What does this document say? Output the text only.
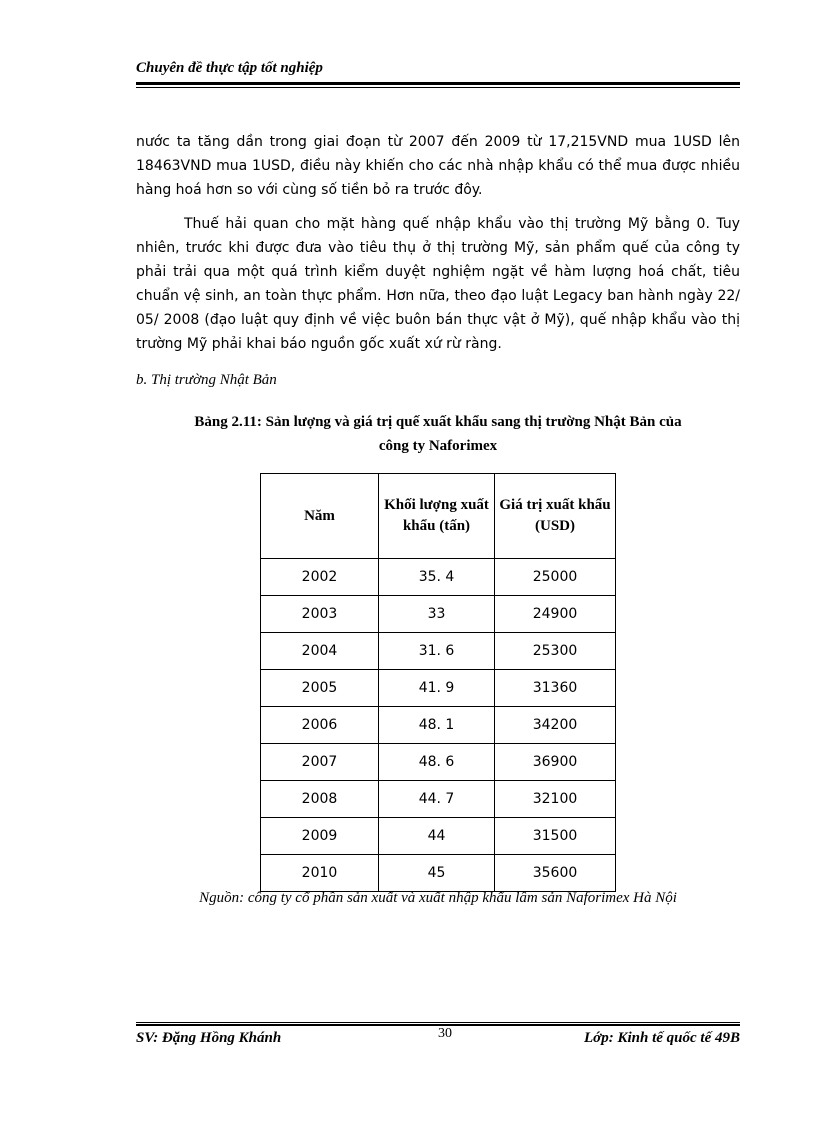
Chuyên đề thực tập tốt nghiệp

nước ta tăng dần trong giai đoạn từ 2007 đến 2009 từ 17,215VND mua 1USD lên 18463VND mua 1USD, điều này khiến cho các nhà nhập khẩu có thể mua được nhiều hàng hoá hơn so với cùng số tiền bỏ ra trước đôy.

Thuế hải quan cho mặt hàng quế nhập khẩu vào thị trường Mỹ bằng 0. Tuy nhiên, trước khi được đưa vào tiêu thụ ở thị trường Mỹ, sản phẩm quế của công ty phải trải qua một quá trình kiểm duyệt nghiệm ngặt về hàm lượng hoá chất, tiêu chuẩn vệ sinh, an toàn thực phẩm. Hơn nữa, theo đạo luật Legacy ban hành ngày 22/ 05/ 2008 (đạo luật quy định về việc buôn bán thực vật ở Mỹ), quế nhập khẩu vào thị trường Mỹ phải khai báo nguồn gốc xuất xứ rừ ràng.

b. Thị trường Nhật Bản
Bảng 2.11: Sản lượng và giá trị quế xuất khẩu sang thị trường Nhật Bản của
công ty Naforimex
Năm	Khối lượng xuất khẩu (tấn)	Giá trị xuất khẩu (USD)
2002	35. 4	25000
2003	33	24900
2004	31. 6	25300
2005	41. 9	31360
2006	48. 1	34200
2007	48. 6	36900
2008	44. 7	32100
2009	44	31500
2010	45	35600
Nguồn: công ty cổ phần sản xuất và xuất nhập khẩu lâm sản Naforimex Hà Nội
SV: Đặng Hồng Khánh	30	Lớp: Kinh tế quốc tế 49B
